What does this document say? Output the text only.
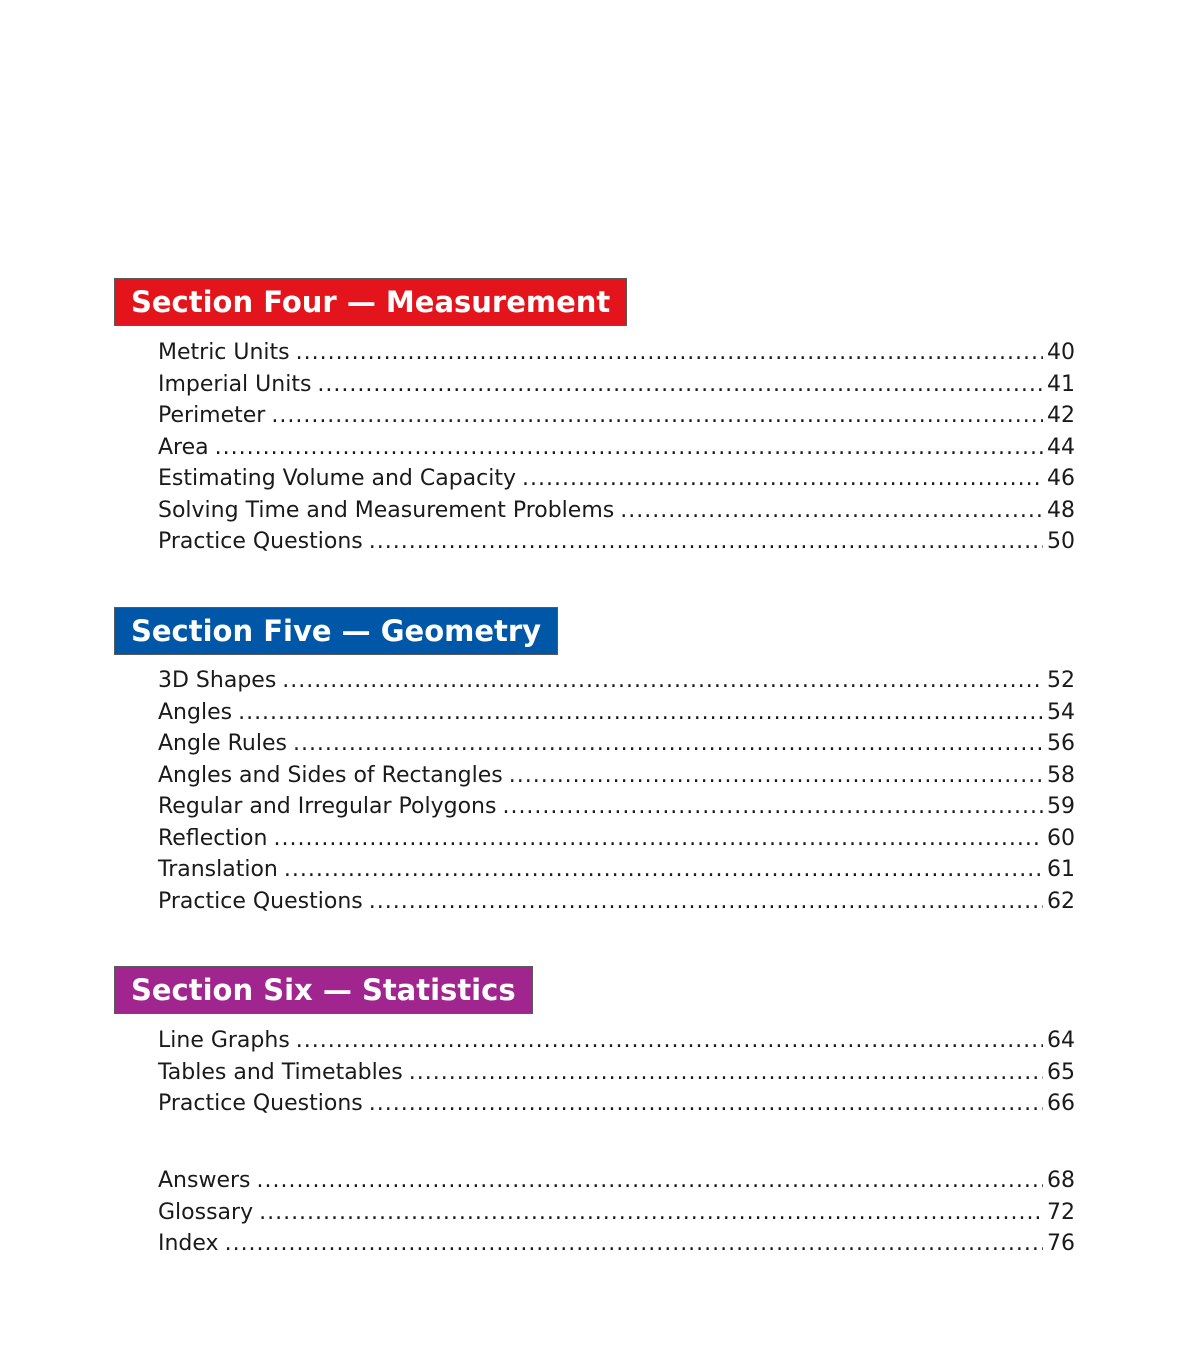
Section Four — Measurement
Metric Units .....	40
Imperial Units .....	41
Perimeter .....	42
Area .....	44
Estimating Volume and Capacity .....	46
Solving Time and Measurement Problems .....	48
Practice Questions .....	50
Section Five — Geometry
3D Shapes .....	52
Angles .....	54
Angle Rules .....	56
Angles and Sides of Rectangles .....	58
Regular and Irregular Polygons .....	59
Reflection .....	60
Translation .....	61
Practice Questions .....	62
Section Six — Statistics
Line Graphs .....	64
Tables and Timetables .....	65
Practice Questions .....	66
Answers .....	68
Glossary .....	72
Index .....	76
